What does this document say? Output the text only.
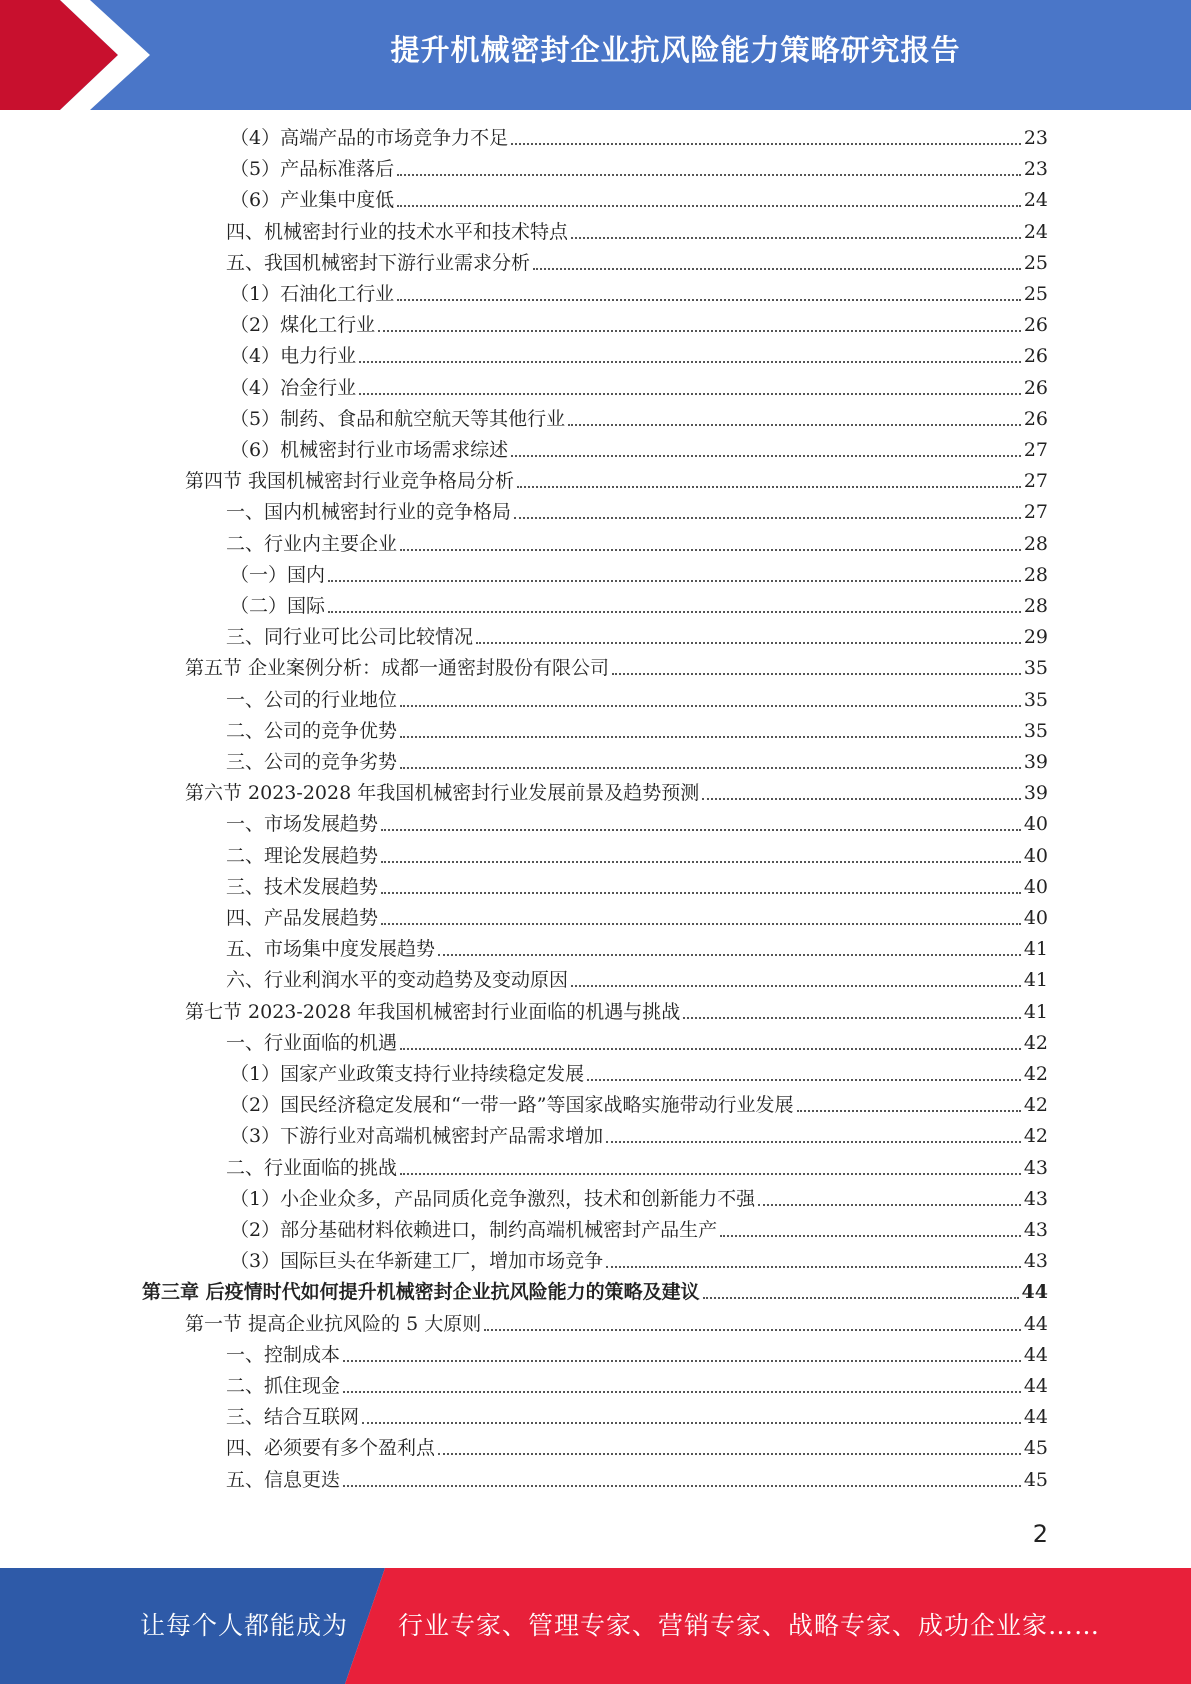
提升机械密封企业抗风险能力策略研究报告
（4）高端产品的市场竞争力不足	23
（5）产品标准落后	23
（6）产业集中度低	24
四、机械密封行业的技术水平和技术特点	24
五、我国机械密封下游行业需求分析	25
（1）石油化工行业	25
（2）煤化工行业	26
（4）电力行业	26
（4）冶金行业	26
（5）制药、食品和航空航天等其他行业	26
（6）机械密封行业市场需求综述	27
第四节 我国机械密封行业竞争格局分析	27
一、国内机械密封行业的竞争格局	27
二、行业内主要企业	28
（一）国内	28
（二）国际	28
三、同行业可比公司比较情况	29
第五节 企业案例分析：成都一通密封股份有限公司	35
一、公司的行业地位	35
二、公司的竞争优势	35
三、公司的竞争劣势	39
第六节 2023-2028 年我国机械密封行业发展前景及趋势预测	39
一、市场发展趋势	40
二、理论发展趋势	40
三、技术发展趋势	40
四、产品发展趋势	40
五、市场集中度发展趋势	41
六、行业利润水平的变动趋势及变动原因	41
第七节 2023-2028 年我国机械密封行业面临的机遇与挑战	41
一、行业面临的机遇	42
（1）国家产业政策支持行业持续稳定发展	42
（2）国民经济稳定发展和“一带一路”等国家战略实施带动行业发展	42
（3）下游行业对高端机械密封产品需求增加	42
二、行业面临的挑战	43
（1）小企业众多，产品同质化竞争激烈，技术和创新能力不强	43
（2）部分基础材料依赖进口，制约高端机械密封产品生产	43
（3）国际巨头在华新建工厂，增加市场竞争	43
第三章 后疫情时代如何提升机械密封企业抗风险能力的策略及建议	44
第一节 提高企业抗风险的 5 大原则	44
一、控制成本	44
二、抓住现金	44
三、结合互联网	44
四、必须要有多个盈利点	45
五、信息更迭	45
2
让每个人都能成为 行业专家、管理专家、营销专家、战略专家、成功企业家……
